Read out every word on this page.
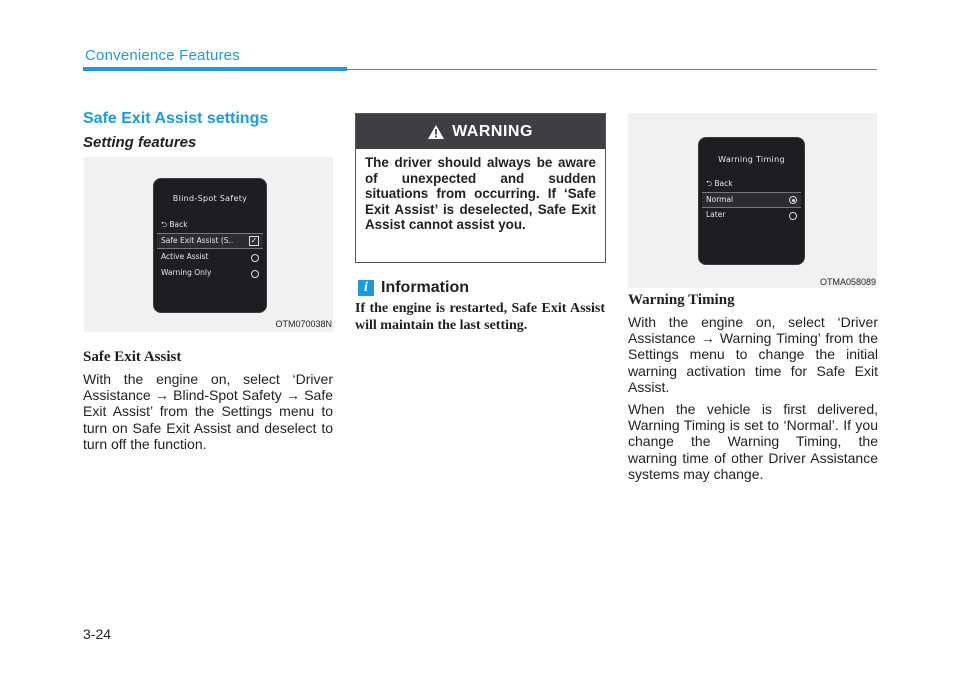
Convenience Features
Safe Exit Assist settings
Setting features
Blind-Spot Safety
⮌ Back
Safe Exit Assist (S.. ✓
Active Assist
Warning Only
OTM070038N
Safe Exit Assist

With the engine on, select ‘Driver Assistance → Blind-Spot Safety → Safe Exit Assist’ from the Settings menu to turn on Safe Exit Assist and deselect to turn off the function.

WARNING
The driver should always be aware of unexpected and sudden situations from occurring. If ‘Safe Exit Assist’ is deselected, Safe Exit Assist cannot assist you.
i Information
If the engine is restarted, Safe Exit Assist will maintain the last setting.
Warning Timing
⮌ Back
Normal
Later
OTMA058089
Warning Timing

With the engine on, select ‘Driver Assistance → Warning Timing’ from the Settings menu to change the initial warning activation time for Safe Exit Assist.

When the vehicle is first delivered, Warning Timing is set to ‘Normal’. If you change the Warning Timing, the warning time of other Driver Assistance systems may change.

3-24
